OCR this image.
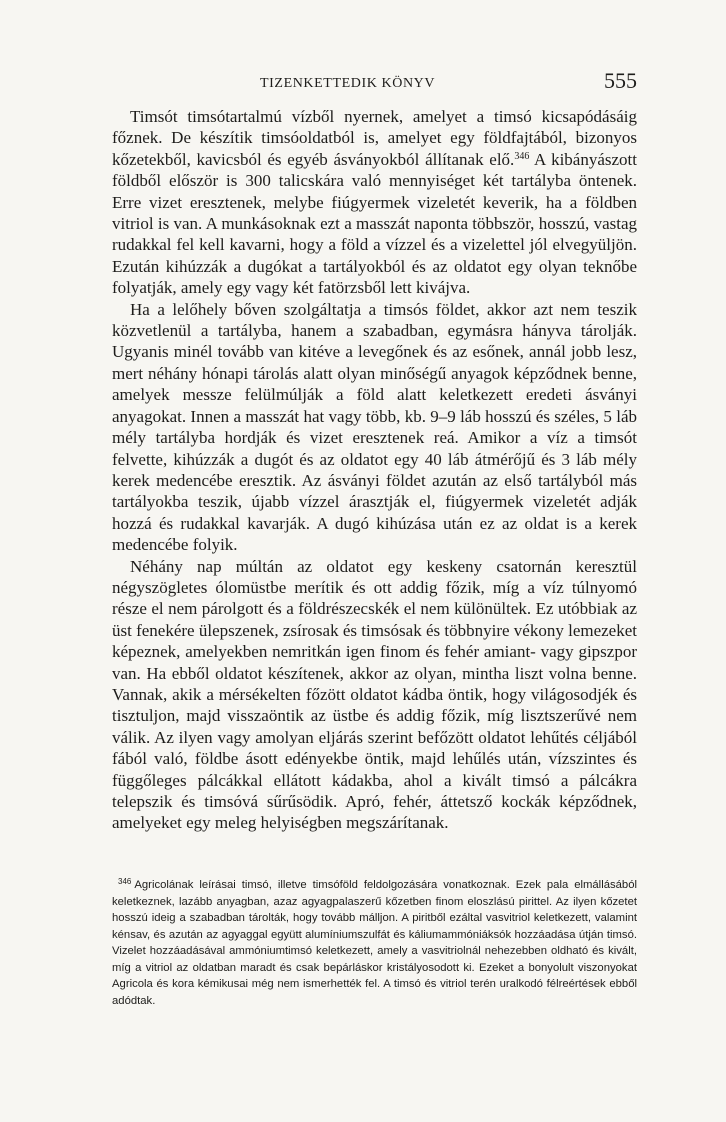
TIZENKETTEDIK KÖNYV	555

Timsót timsótartalmú vízből nyernek, amelyet a timsó kicsapódásáig főznek. De készítik timsóoldatból is, amelyet egy földfajtából, bizonyos kőzetekből, kavicsból és egyéb ásványokból állítanak elő.$^{346}$ A kibányászott földből először is 300 talicskára való mennyiséget két tartályba öntenek. Erre vizet eresztenek, melybe fiúgyermek vizeletét keverik, ha a földben vitriol is van. A munkásoknak ezt a masszát naponta többször, hosszú, vastag rudakkal fel kell kavarni, hogy a föld a vízzel és a vizelettel jól elvegyüljön. Ezután kihúzzák a dugókat a tartályokból és az oldatot egy olyan teknőbe folyatják, amely egy vagy két fatörzsből lett kivájva.

Ha a lelőhely bőven szolgáltatja a timsós földet, akkor azt nem teszik közvetlenül a tartályba, hanem a szabadban, egymásra hányva tárolják. Ugyanis minél tovább van kitéve a levegőnek és az esőnek, annál jobb lesz, mert néhány hónapi tárolás alatt olyan minőségű anyagok képződnek benne, amelyek messze felülmúlják a föld alatt keletkezett eredeti ásványi anyagokat. Innen a masszát hat vagy több, kb. 9–9 láb hosszú és széles, 5 láb mély tartályba hordják és vizet eresztenek reá. Amikor a víz a timsót felvette, kihúzzák a dugót és az oldatot egy 40 láb átmérőjű és 3 láb mély kerek medencébe eresztik. Az ásványi földet azután az első tartályból más tartályokba teszik, újabb vízzel árasztják el, fiúgyermek vizeletét adják hozzá és rudakkal kavarják. A dugó kihúzása után ez az oldat is a kerek medencébe folyik.

Néhány nap múltán az oldatot egy keskeny csatornán keresztül négyszögletes ólomüstbe merítik és ott addig főzik, míg a víz túlnyomó része el nem párolgott és a földrészecskék el nem különültek. Ez utóbbiak az üst fenekére ülepszenek, zsírosak és timsósak és többnyire vékony lemezeket képeznek, amelyekben nemritkán igen finom és fehér amiant- vagy gipszpor van. Ha ebből oldatot készítenek, akkor az olyan, mintha liszt volna benne. Vannak, akik a mérsékelten főzött oldatot kádba öntik, hogy világosodjék és tisztuljon, majd visszaöntik az üstbe és addig főzik, míg lisztszerűvé nem válik. Az ilyen vagy amolyan eljárás szerint befőzött oldatot lehűtés céljából fából való, földbe ásott edényekbe öntik, majd lehűlés után, vízszintes és függőleges pálcákkal ellátott kádakba, ahol a kivált timsó a pálcákra telepszik és timsóvá sűrűsödik. Apró, fehér, áttetsző kockák képződnek, amelyeket egy meleg helyiségben megszárítanak.

$^{346}$ Agricolának leírásai timsó, illetve timsóföld feldolgozására vonatkoznak. Ezek pala elmállásából keletkeznek, lazább anyagban, azaz agyagpalaszerű kőzetben finom eloszlású pirittel. Az ilyen kőzetet hosszú ideig a szabadban tárolták, hogy tovább málljon. A piritből ezáltal vasvitriol keletkezett, valamint kénsav, és azután az agyaggal együtt alumíniumszulfát és káliumammóniáksók hozzáadása útján timsó. Vizelet hozzáadásával ammóniumtimsó keletkezett, amely a vasvitriolnál nehezebben oldható és kivált, míg a vitriol az oldatban maradt és csak bepárláskor kristályosodott ki. Ezeket a bonyolult viszonyokat Agricola és kora kémikusai még nem ismerhették fel. A timsó és vitriol terén uralkodó félreértések ebből adódtak.
